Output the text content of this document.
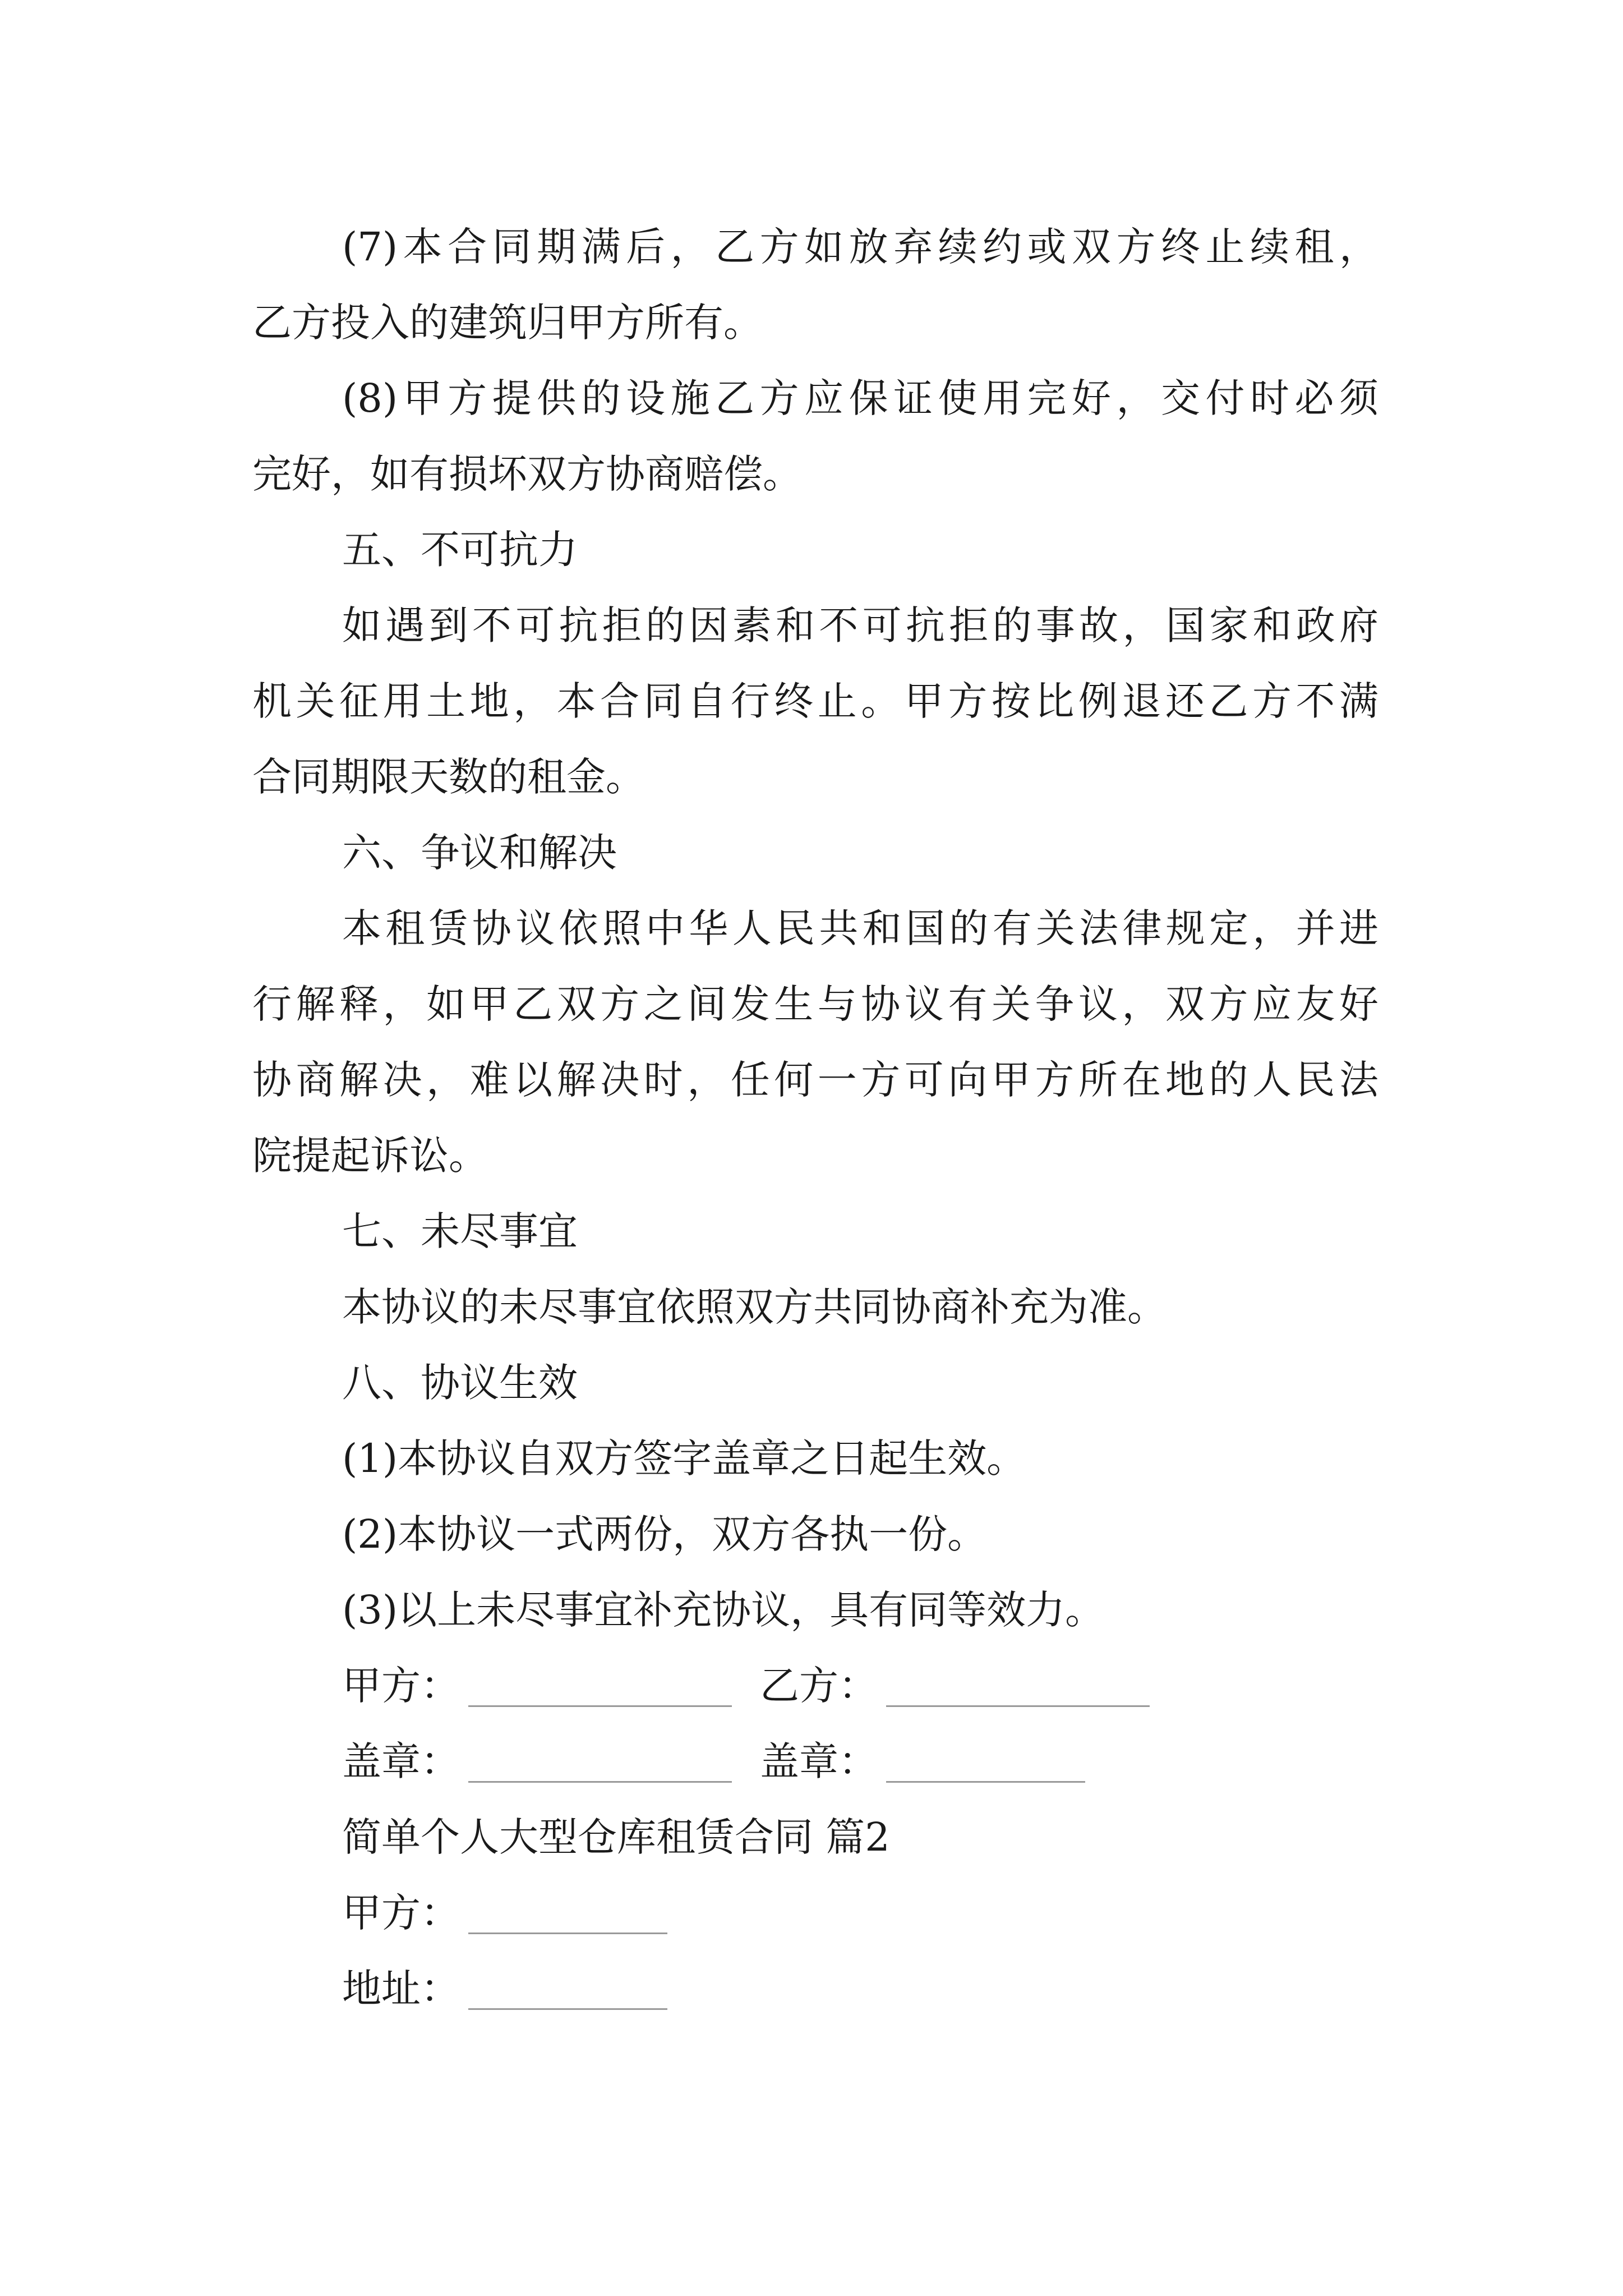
(7)本合同期满后，乙方如放弃续约或双方终止续租，
乙方投入的建筑归甲方所有。
(8)甲方提供的设施乙方应保证使用完好，交付时必须
完好，如有损坏双方协商赔偿。
五、不可抗力
如遇到不可抗拒的因素和不可抗拒的事故，国家和政府
机关征用土地，本合同自行终止。甲方按比例退还乙方不满
合同期限天数的租金。
六、争议和解决
本租赁协议依照中华人民共和国的有关法律规定，并进
行解释，如甲乙双方之间发生与协议有关争议，双方应友好
协商解决，难以解决时，任何一方可向甲方所在地的人民法
院提起诉讼。
七、未尽事宜
本协议的未尽事宜依照双方共同协商补充为准。
八、协议生效
(1)本协议自双方签字盖章之日起生效。
(2)本协议一式两份，双方各执一份。
(3)以上未尽事宜补充协议，具有同等效力。
甲方：	乙方：
盖章：	盖章：
简单个人大型仓库租赁合同 篇2
甲方：
地址：
